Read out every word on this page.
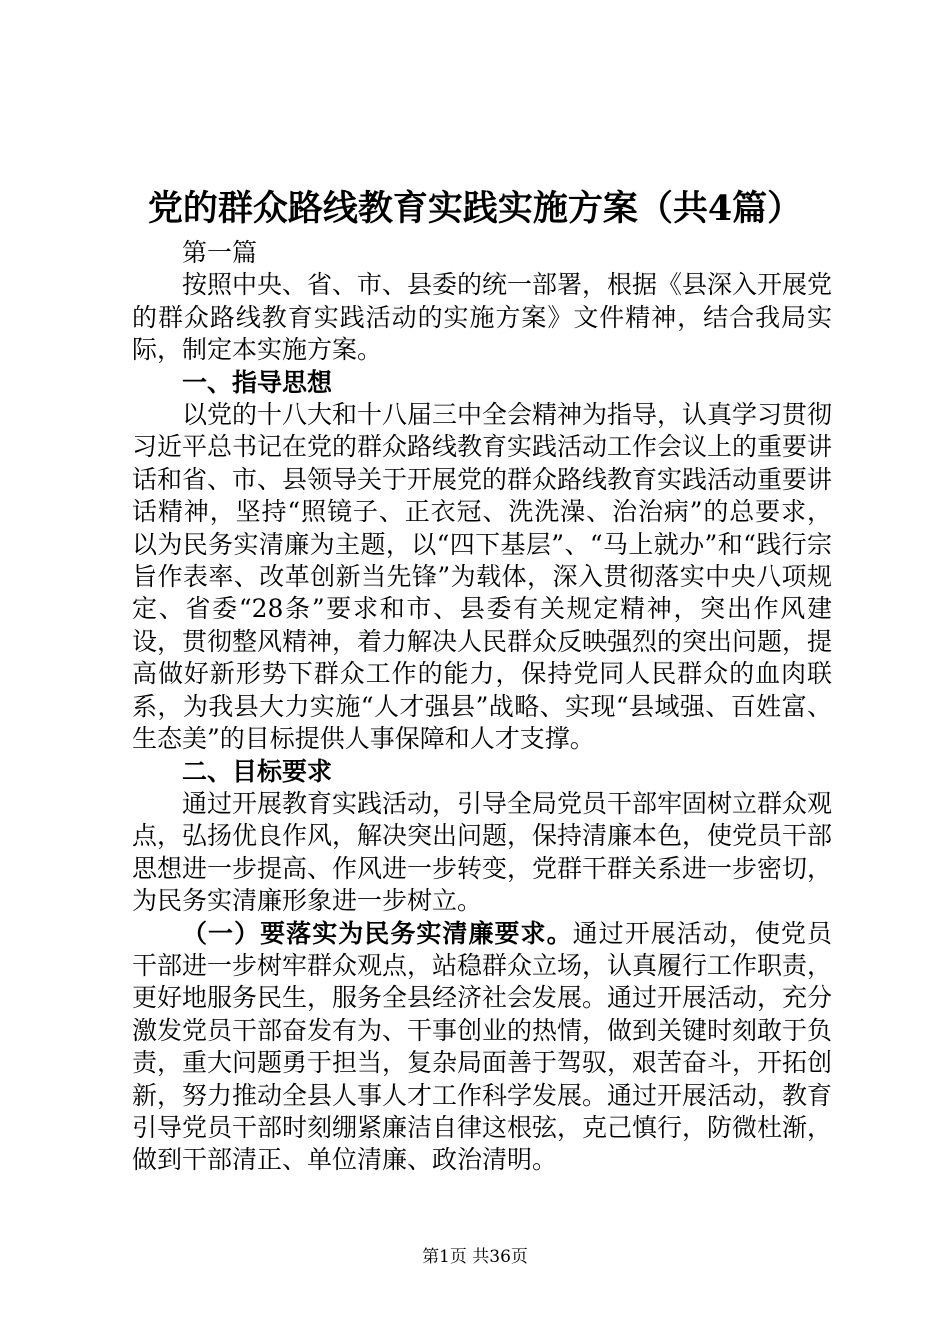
党的群众路线教育实践实施方案（共4篇）

第一篇

按照中央、省、市、县委的统一部署，根据《县深入开展党的群众路线教育实践活动的实施方案》文件精神，结合我局实际，制定本实施方案。

一、指导思想

以党的十八大和十八届三中全会精神为指导，认真学习贯彻习近平总书记在党的群众路线教育实践活动工作会议上的重要讲话和省、市、县领导关于开展党的群众路线教育实践活动重要讲话精神，坚持“照镜子、正衣冠、洗洗澡、治治病”的总要求，以为民务实清廉为主题，以“四下基层”、“马上就办”和“践行宗旨作表率、改革创新当先锋”为载体，深入贯彻落实中央八项规定、省委“28条”要求和市、县委有关规定精神，突出作风建设，贯彻整风精神，着力解决人民群众反映强烈的突出问题，提高做好新形势下群众工作的能力，保持党同人民群众的血肉联系，为我县大力实施“人才强县”战略、实现“县域强、百姓富、生态美”的目标提供人事保障和人才支撑。

二、目标要求

通过开展教育实践活动，引导全局党员干部牢固树立群众观点，弘扬优良作风，解决突出问题，保持清廉本色，使党员干部思想进一步提高、作风进一步转变，党群干群关系进一步密切，为民务实清廉形象进一步树立。

（一）要落实为民务实清廉要求。通过开展活动，使党员干部进一步树牢群众观点，站稳群众立场，认真履行工作职责，更好地服务民生，服务全县经济社会发展。通过开展活动，充分激发党员干部奋发有为、干事创业的热情，做到关键时刻敢于负责，重大问题勇于担当，复杂局面善于驾驭，艰苦奋斗，开拓创新，努力推动全县人事人才工作科学发展。通过开展活动，教育引导党员干部时刻绷紧廉洁自律这根弦，克己慎行，防微杜渐，做到干部清正、单位清廉、政治清明。

第1页 共36页
